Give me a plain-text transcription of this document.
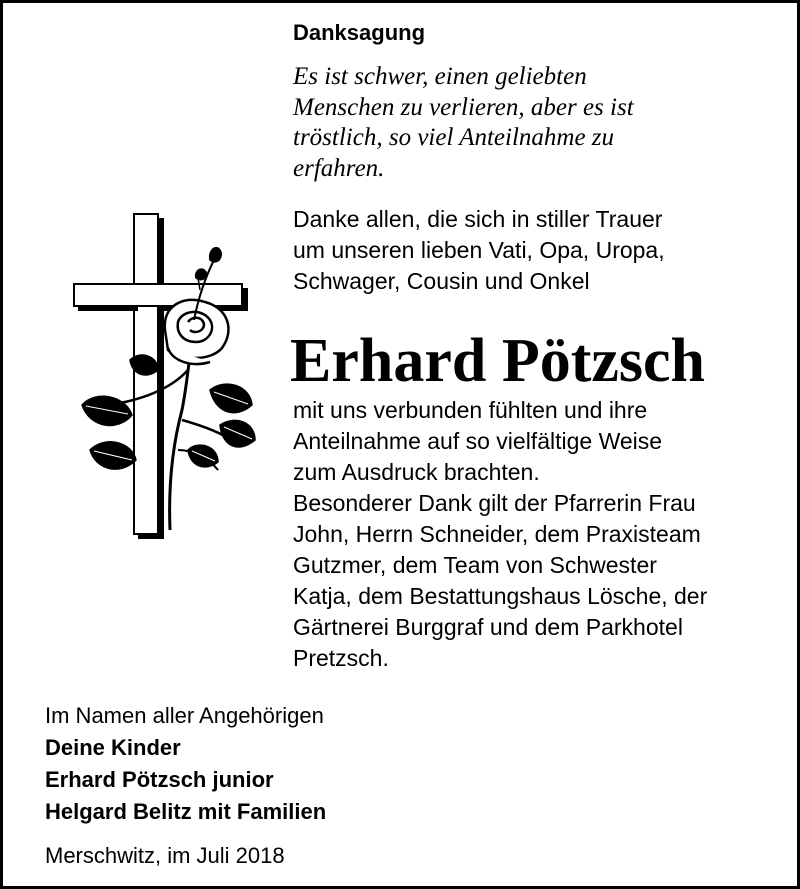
Danksagung

Es ist schwer, einen geliebten
Menschen zu verlieren, aber es ist
tröstlich, so viel Anteilnahme zu
erfahren.

Danke allen, die sich in stiller Trauer
um unseren lieben Vati, Opa, Uropa,
Schwager, Cousin und Onkel

Erhard Pötzsch

mit uns verbunden fühlten und ihre
Anteilnahme auf so vielfältige Weise
zum Ausdruck brachten.
Besonderer Dank gilt der Pfarrerin Frau
John, Herrn Schneider, dem Praxisteam
Gutzmer, dem Team von Schwester
Katja, dem Bestattungshaus Lösche, der
Gärtnerei Burggraf und dem Parkhotel
Pretzsch.

Im Namen aller Angehörigen
Deine Kinder
Erhard Pötzsch junior
Helgard Belitz mit Familien

Merschwitz, im Juli 2018
